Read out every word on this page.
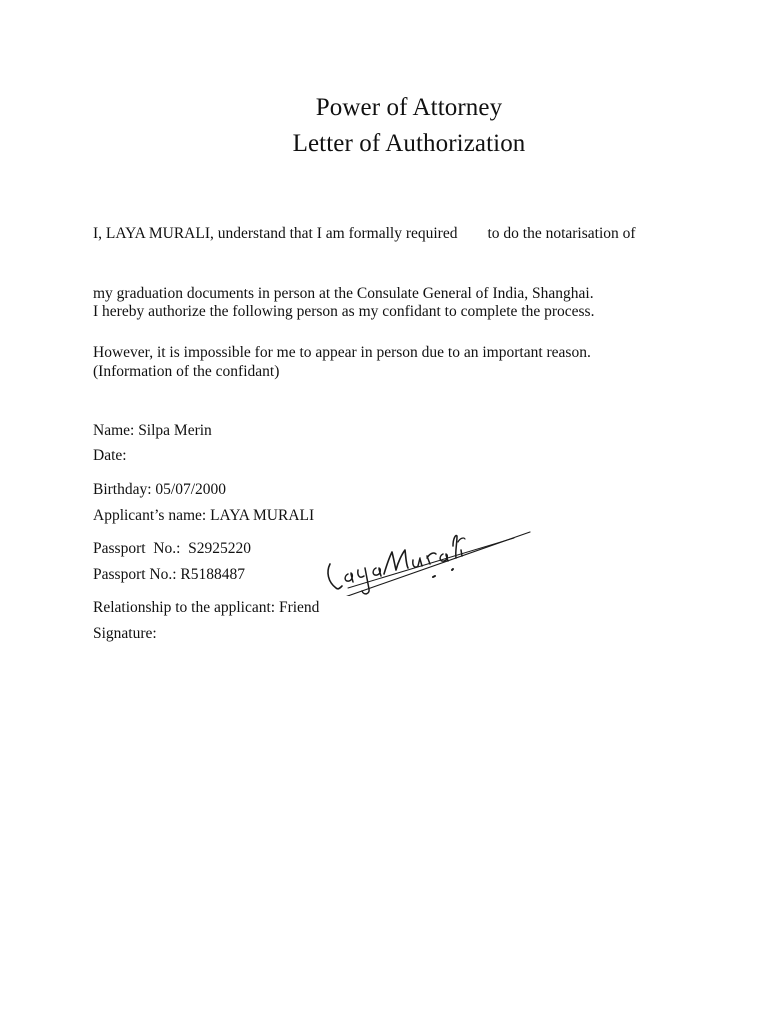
Power of Attorney
Letter of Authorization

I, LAYA MURALI, understand that I am formally required to do the notarisation of

my graduation documents in person at the Consulate General of India, Shanghai.

However, it is impossible for me to appear in person due to an important reason.

I hereby authorize the following person as my confidant to complete the process.

(Information of the confidant)

Name: Silpa Merin

Birthday: 05/07/2000

Passport  No.:  S2925220

Relationship to the applicant: Friend

Date:

Applicant’s name: LAYA MURALI

Passport No.: R5188487

Signature:
